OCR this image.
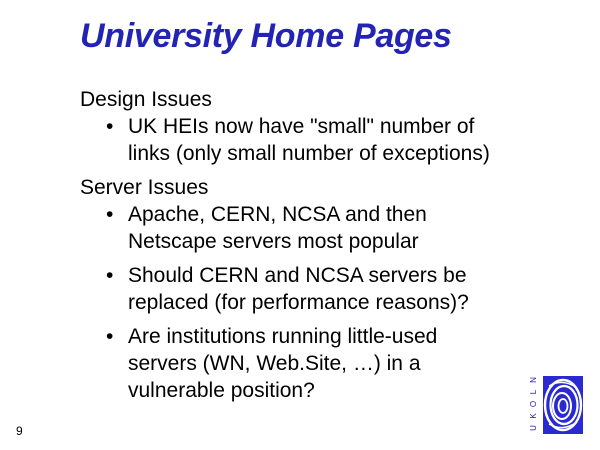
University Home Pages

Design Issues

• UK HEIs now have "small" number of
links (only small number of exceptions)

Server Issues

• Apache, CERN, NCSA and then
Netscape servers most popular
• Should CERN and NCSA servers be
replaced (for performance reasons)?
• Are institutions running little-used
servers (WN, Web.Site, …) in a
vulnerable position?
9	U
K
O
L
N
